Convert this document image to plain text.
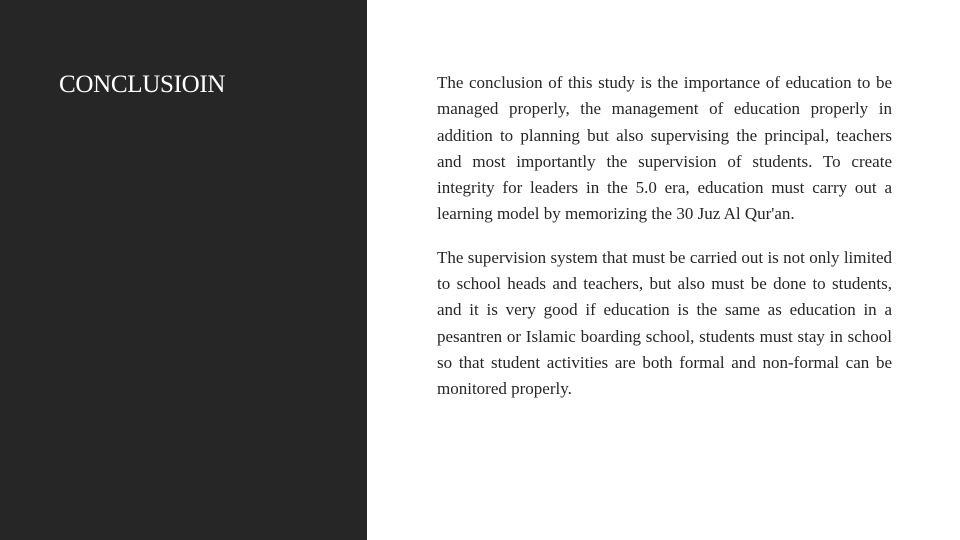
CONCLUSIOIN	The conclusion of this study is the importance of education to be managed properly, the management of education properly in addition to planning but also supervising the principal, teachers and most importantly the supervision of students. To create integrity for leaders in the 5.0 era, education must carry out a learning model by memorizing the 30 Juz Al Qur'an.

The supervision system that must be carried out is not only limited to school heads and teachers, but also must be done to students, and it is very good if education is the same as education in a pesantren or Islamic boarding school, students must stay in school so that student activities are both formal and non-formal can be monitored properly.
